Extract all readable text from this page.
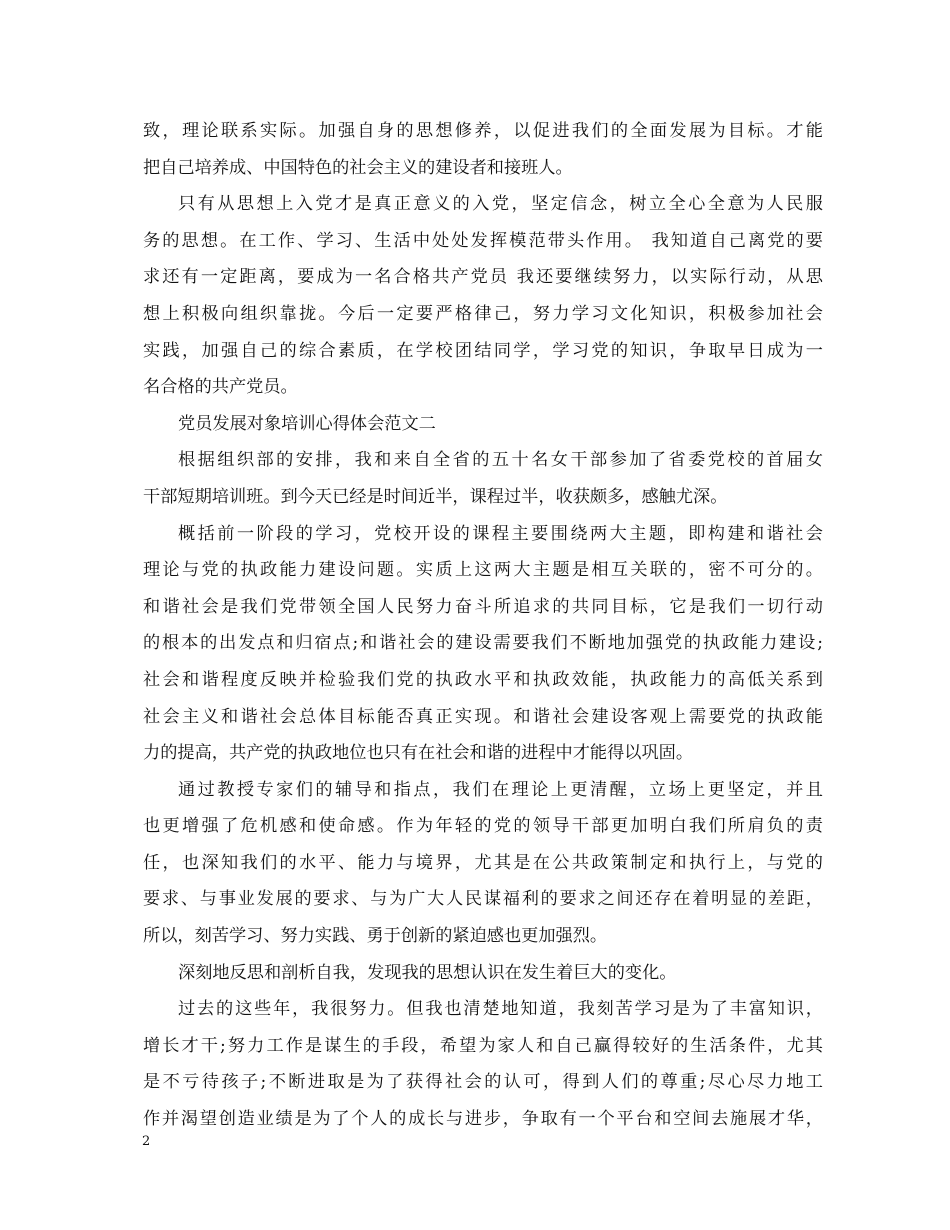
致，理论联系实际。加强自身的思想修养，以促进我们的全面发展为目标。才能
把自己培养成、中国特色的社会主义的建设者和接班人。
只有从思想上入党才是真正意义的入党，坚定信念，树立全心全意为人民服
务的思想。在工作、学习、生活中处处发挥模范带头作用。 我知道自己离党的要
求还有一定距离，要成为一名合格共产党员 我还要继续努力，以实际行动，从思
想上积极向组织靠拢。今后一定要严格律己，努力学习文化知识，积极参加社会
实践，加强自己的综合素质，在学校团结同学，学习党的知识，争取早日成为一
名合格的共产党员。
党员发展对象培训心得体会范文二
根据组织部的安排，我和来自全省的五十名女干部参加了省委党校的首届女
干部短期培训班。到今天已经是时间近半，课程过半，收获颇多，感触尤深。
概括前一阶段的学习，党校开设的课程主要围绕两大主题，即构建和谐社会
理论与党的执政能力建设问题。实质上这两大主题是相互关联的，密不可分的。
和谐社会是我们党带领全国人民努力奋斗所追求的共同目标，它是我们一切行动
的根本的出发点和归宿点;和谐社会的建设需要我们不断地加强党的执政能力建设;
社会和谐程度反映并检验我们党的执政水平和执政效能，执政能力的高低关系到
社会主义和谐社会总体目标能否真正实现。和谐社会建设客观上需要党的执政能
力的提高，共产党的执政地位也只有在社会和谐的进程中才能得以巩固。
通过教授专家们的辅导和指点，我们在理论上更清醒，立场上更坚定，并且
也更增强了危机感和使命感。作为年轻的党的领导干部更加明白我们所肩负的责
任，也深知我们的水平、能力与境界，尤其是在公共政策制定和执行上，与党的
要求、与事业发展的要求、与为广大人民谋福利的要求之间还存在着明显的差距，
所以，刻苦学习、努力实践、勇于创新的紧迫感也更加强烈。
深刻地反思和剖析自我，发现我的思想认识在发生着巨大的变化。
过去的这些年，我很努力。但我也清楚地知道，我刻苦学习是为了丰富知识，
增长才干;努力工作是谋生的手段，希望为家人和自己赢得较好的生活条件，尤其
是不亏待孩子;不断进取是为了获得社会的认可，得到人们的尊重;尽心尽力地工
作并渴望创造业绩是为了个人的成长与进步，争取有一个平台和空间去施展才华，
2
